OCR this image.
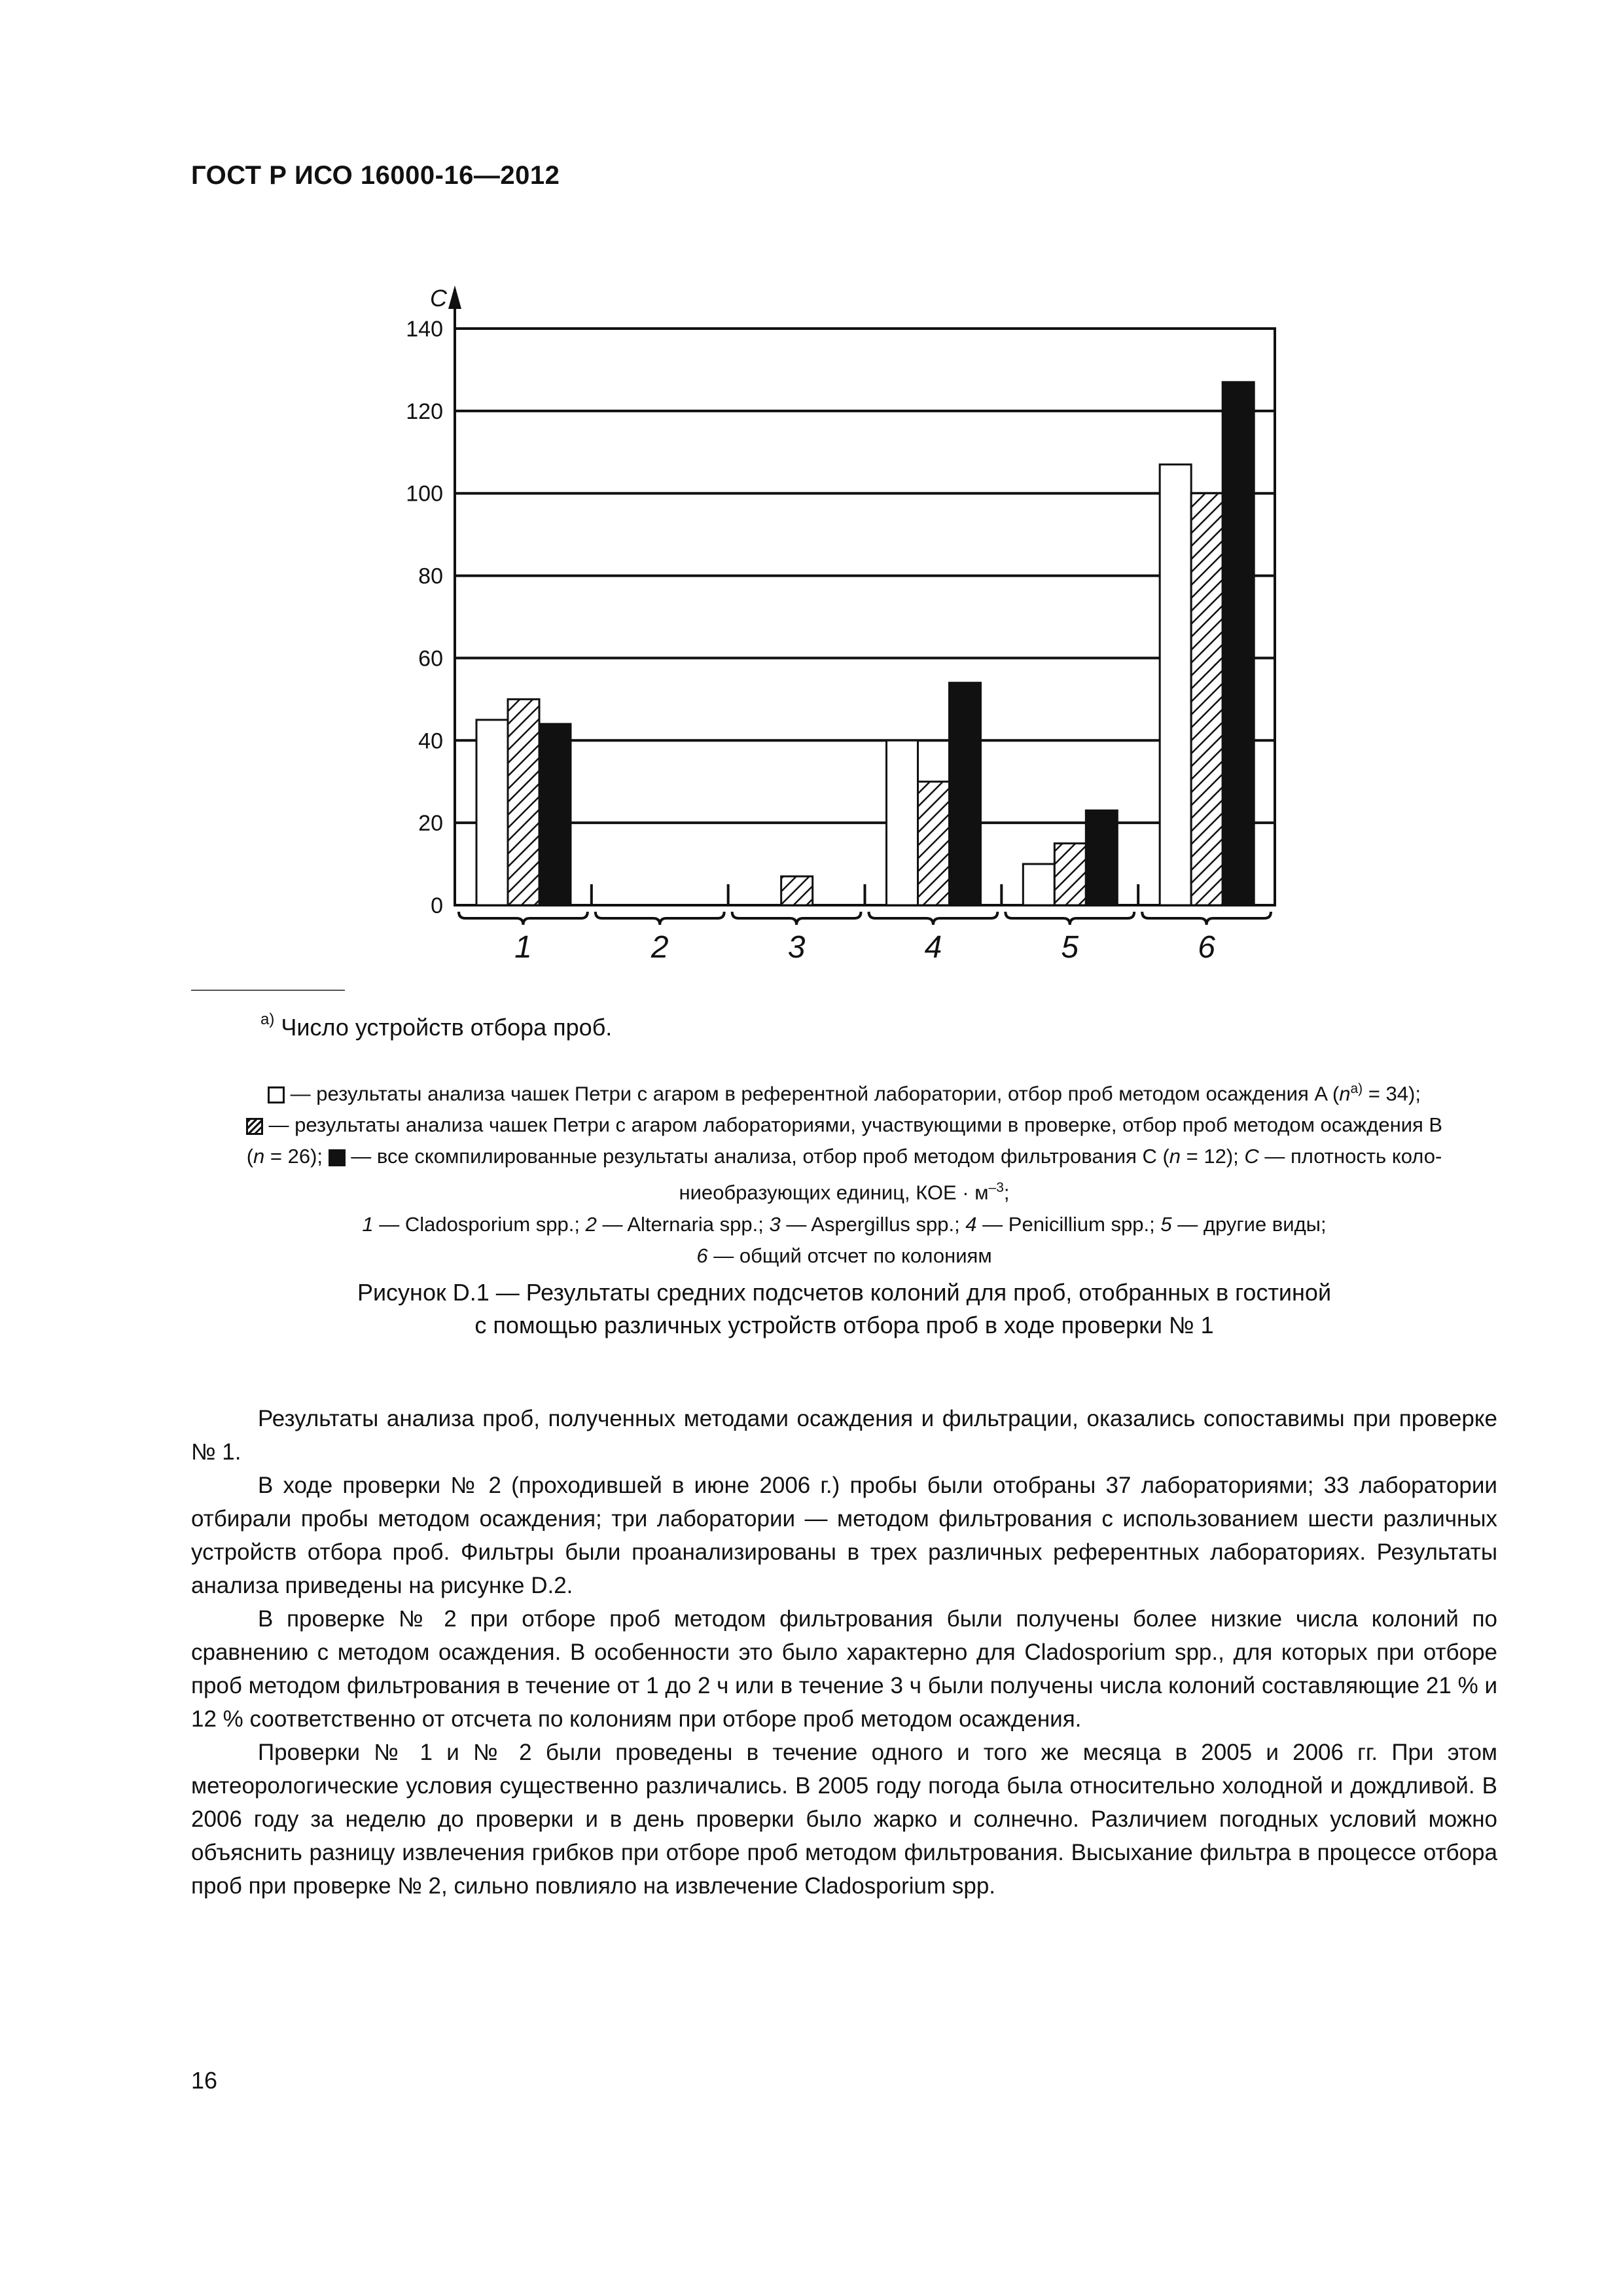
ГОСТ Р ИСО 16000-16—2012
0
20
40
60
80
100
120
140
C
1	2	3	4	5	6
$^{a)}$ Число устройств отбора проб.

— результаты анализа чашек Петри с агаром в референтной лаборатории, отбор проб методом осаждения A $(n^{a)} = 34)$;

— результаты анализа чашек Петри с агаром лабораториями, участвующими в проверке, отбор проб методом осаждения B

(n = 26);  — все скомпилированные результаты анализа, отбор проб методом фильтрования C (n = 12); C — плотность коло-

ниеобразующих единиц, КОЕ · $м^{-3}$;

1 — Cladosporium spp.; 2 — Alternaria spp.; 3 — Aspergillus spp.; 4 — Penicillium spp.; 5 — другие виды;

6 — общий отсчет по колониям

Рисунок D.1 — Результаты средних подсчетов колоний для проб, отобранных в гостиной

с помощью различных устройств отбора проб в ходе проверки № 1

Результаты анализа проб, полученных методами осаждения и фильтрации, оказались сопоставимы при проверке № 1.

В ходе проверки № 2 (проходившей в июне 2006 г.) пробы были отобраны 37 лабораториями; 33 лаборатории отбирали пробы методом осаждения; три лаборатории — методом фильтрования с использованием шести различных устройств отбора проб. Фильтры были проанализированы в трех различных референтных лабораториях. Результаты анализа приведены на рисунке D.2.

В проверке № 2 при отборе проб методом фильтрования были получены более низкие числа колоний по сравнению с методом осаждения. В особенности это было характерно для Cladosporium spp., для которых при отборе проб методом фильтрования в течение от 1 до 2 ч или в течение 3 ч были получены числа колоний составляющие 21 % и 12 % соответственно от отсчета по колониям при отборе проб методом осаждения.

Проверки № 1 и № 2 были проведены в течение одного и того же месяца в 2005 и 2006 гг. При этом метеорологические условия существенно различались. В 2005 году погода была относительно холодной и дождливой. В 2006 году за неделю до проверки и в день проверки было жарко и солнечно. Различием погодных условий можно объяснить разницу извлечения грибков при отборе проб методом фильтрования. Высыхание фильтра в процессе отбора проб при проверке № 2, сильно повлияло на извлечение Cladosporium spp.

16
